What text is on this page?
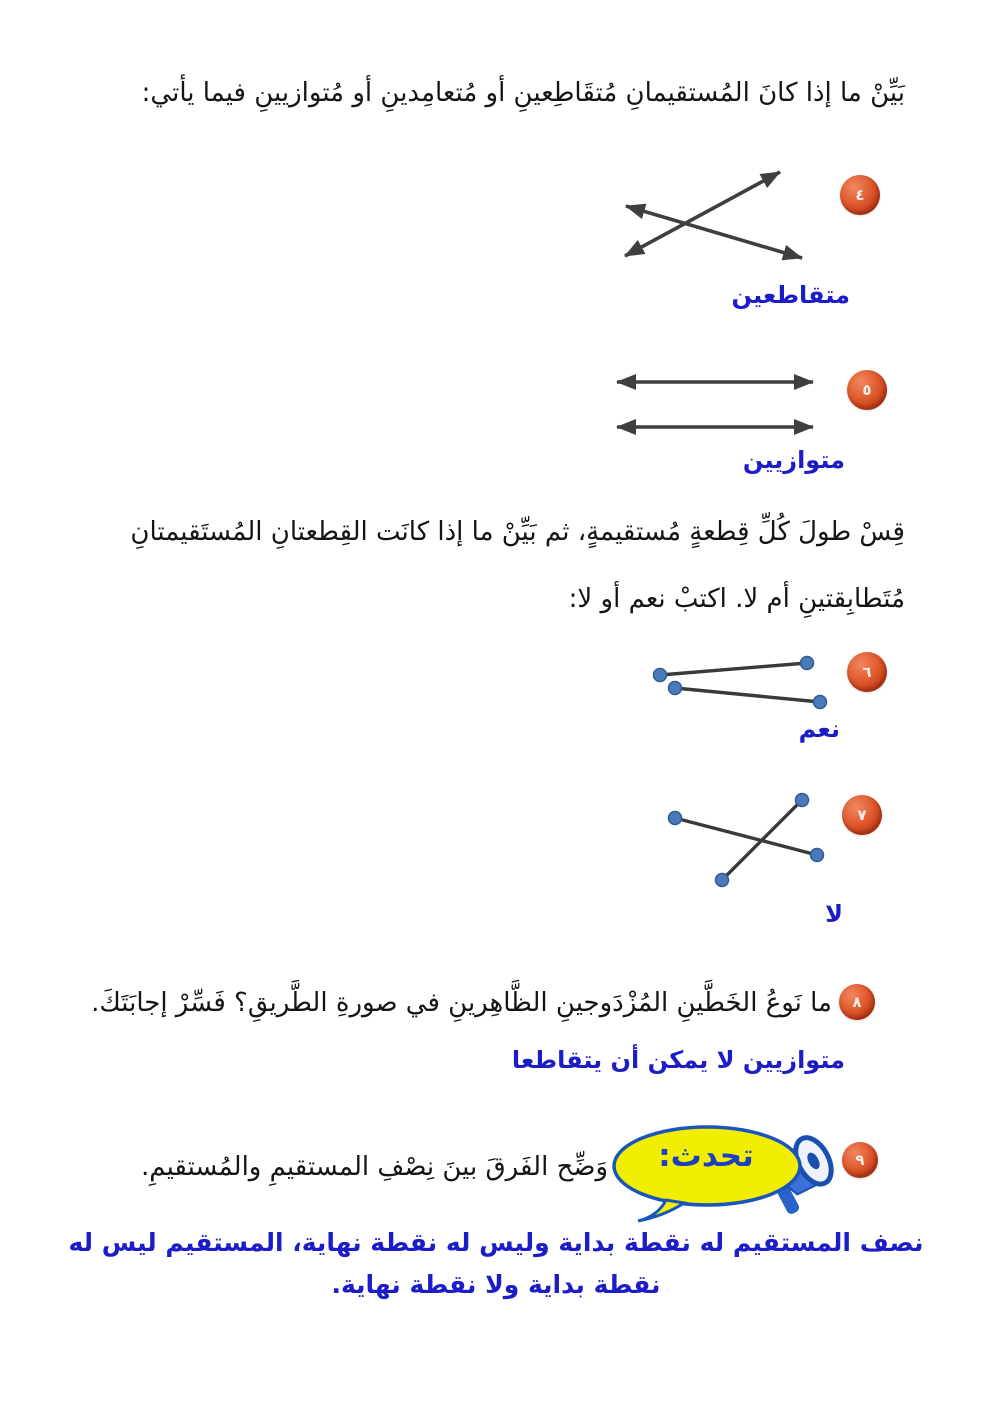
بَيِّنْ ما إذا كانَ المُستقيمانِ مُتقَاطِعينِ أو مُتعامِدينِ أو مُتوازيينِ فيما يأتي:
٤
متقاطعين
٥
متوازيين
قِسْ طولَ كُلِّ قِطعةٍ مُستقيمةٍ، ثم بَيِّنْ ما إذا كانَت القِطعتانِ المُستَقيمتانِ
مُتَطابِقتينِ أم لا. اكتبْ نعم أو لا:
٦
نعم
٧
لا
٨
ما نَوعُ الخَطَّينِ المُزْدَوجينِ الظَّاهِرينِ في صورةِ الطَّريقِ؟ فَسِّرْ إجابَتَكَ.
متوازيين لا يمكن أن يتقاطعا
٩
تحدث:
وَضِّح الفَرقَ بينَ نِصْفِ المستقيمِ والمُستقيمِ.
نصف المستقيم له نقطة بداية وليس له نقطة نهاية، المستقيم ليس له نقطة بداية ولا نقطة نهاية.
